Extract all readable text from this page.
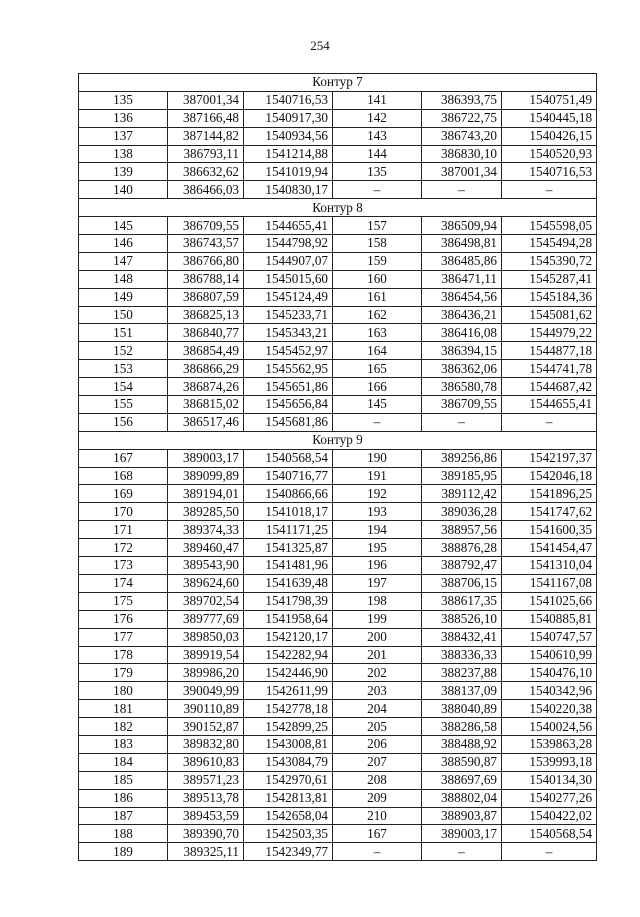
254
Контур 7					
135	387001,34	1540716,53	141	386393,75	1540751,49
136	387166,48	1540917,30	142	386722,75	1540445,18
137	387144,82	1540934,56	143	386743,20	1540426,15
138	386793,11	1541214,88	144	386830,10	1540520,93
139	386632,62	1541019,94	135	387001,34	1540716,53
140	386466,03	1540830,17	–	–	–
Контур 8					
145	386709,55	1544655,41	157	386509,94	1545598,05
146	386743,57	1544798,92	158	386498,81	1545494,28
147	386766,80	1544907,07	159	386485,86	1545390,72
148	386788,14	1545015,60	160	386471,11	1545287,41
149	386807,59	1545124,49	161	386454,56	1545184,36
150	386825,13	1545233,71	162	386436,21	1545081,62
151	386840,77	1545343,21	163	386416,08	1544979,22
152	386854,49	1545452,97	164	386394,15	1544877,18
153	386866,29	1545562,95	165	386362,06	1544741,78
154	386874,26	1545651,86	166	386580,78	1544687,42
155	386815,02	1545656,84	145	386709,55	1544655,41
156	386517,46	1545681,86	–	–	–
Контур 9					
167	389003,17	1540568,54	190	389256,86	1542197,37
168	389099,89	1540716,77	191	389185,95	1542046,18
169	389194,01	1540866,66	192	389112,42	1541896,25
170	389285,50	1541018,17	193	389036,28	1541747,62
171	389374,33	1541171,25	194	388957,56	1541600,35
172	389460,47	1541325,87	195	388876,28	1541454,47
173	389543,90	1541481,96	196	388792,47	1541310,04
174	389624,60	1541639,48	197	388706,15	1541167,08
175	389702,54	1541798,39	198	388617,35	1541025,66
176	389777,69	1541958,64	199	388526,10	1540885,81
177	389850,03	1542120,17	200	388432,41	1540747,57
178	389919,54	1542282,94	201	388336,33	1540610,99
179	389986,20	1542446,90	202	388237,88	1540476,10
180	390049,99	1542611,99	203	388137,09	1540342,96
181	390110,89	1542778,18	204	388040,89	1540220,38
182	390152,87	1542899,25	205	388286,58	1540024,56
183	389832,80	1543008,81	206	388488,92	1539863,28
184	389610,83	1543084,79	207	388590,87	1539993,18
185	389571,23	1542970,61	208	388697,69	1540134,30
186	389513,78	1542813,81	209	388802,04	1540277,26
187	389453,59	1542658,04	210	388903,87	1540422,02
188	389390,70	1542503,35	167	389003,17	1540568,54
189	389325,11	1542349,77	–	–	–
